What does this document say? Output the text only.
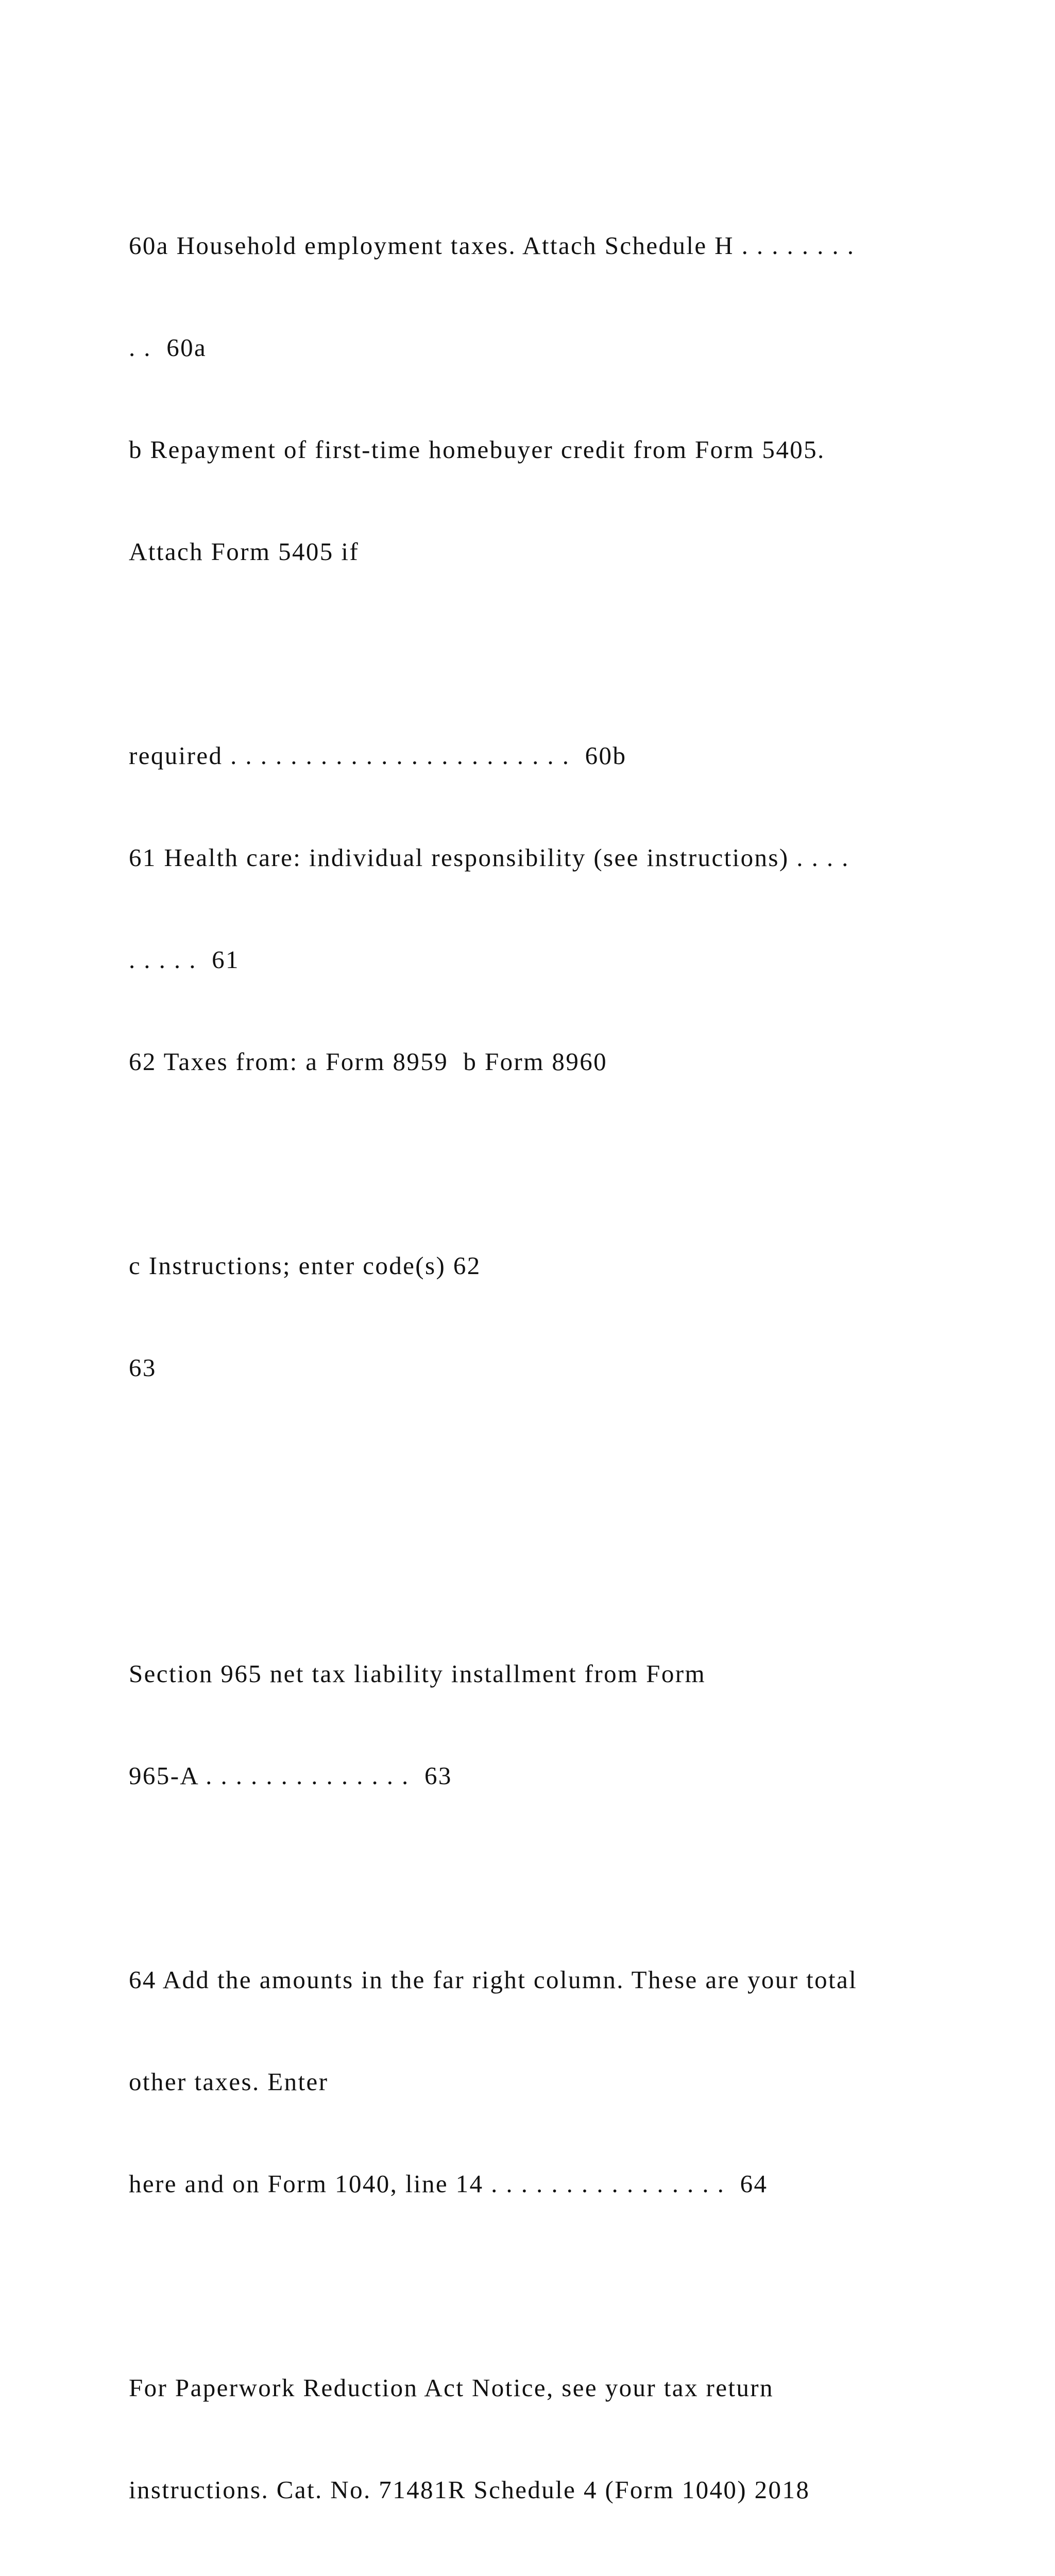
60a Household employment taxes. Attach Schedule H . . . . . . . .

. .  60a

b Repayment of first-time homebuyer credit from Form 5405.

Attach Form 5405 if

required . . . . . . . . . . . . . . . . . . . . . . .  60b

61 Health care: individual responsibility (see instructions) . . . .

. . . . .  61

62 Taxes from: a Form 8959  b Form 8960

c Instructions; enter code(s) 62

63

Section 965 net tax liability installment from Form

965-A . . . . . . . . . . . . . .  63

64 Add the amounts in the far right column. These are your total

other taxes. Enter

here and on Form 1040, line 14 . . . . . . . . . . . . . . . .  64

For Paperwork Reduction Act Notice, see your tax return

instructions. Cat. No. 71481R Schedule 4 (Form 1040) 2018
